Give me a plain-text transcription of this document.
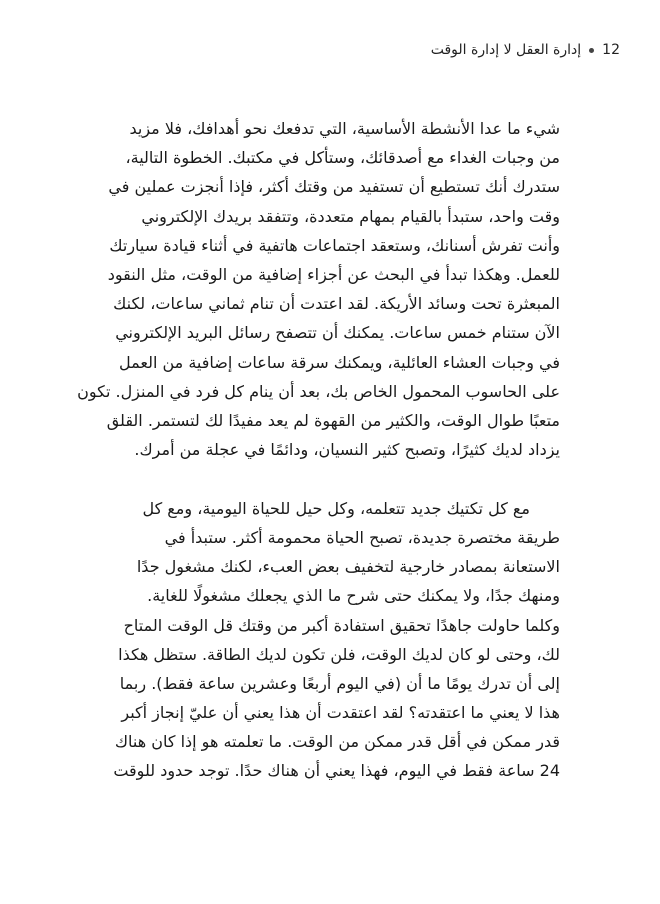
12
إدارة العقل لا إدارة الوقت

شيء ما عدا الأنشطة الأساسية، التي تدفعك نحو أهدافك، فلا مزيد
من وجبات الغداء مع أصدقائك، وستأكل في مكتبك. الخطوة التالية،
ستدرك أنك تستطيع أن تستفيد من وقتك أكثر، فإذا أنجزت عملين في
وقت واحد، ستبدأ بالقيام بمهام متعددة، وتتفقد بريدك الإلكتروني
وأنت تفرش أسنانك، وستعقد اجتماعات هاتفية في أثناء قيادة سيارتك
للعمل. وهكذا تبدأ في البحث عن أجزاء إضافية من الوقت، مثل النقود
المبعثرة تحت وسائد الأريكة. لقد اعتدت أن تنام ثماني ساعات، لكنك
الآن ستنام خمس ساعات. يمكنك أن تتصفح رسائل البريد الإلكتروني
في وجبات العشاء العائلية، ويمكنك سرقة ساعات إضافية من العمل
على الحاسوب المحمول الخاص بك، بعد أن ينام كل فرد في المنزل. تكون
متعبًا طوال الوقت، والكثير من القهوة لم يعد مفيدًا لك لتستمر. القلق
يزداد لديك كثيرًا، وتصبح كثير النسيان، ودائمًا في عجلة من أمرك.

مع كل تكتيك جديد تتعلمه، وكل حيل للحياة اليومية، ومع كل
طريقة مختصرة جديدة، تصبح الحياة محمومة أكثر. ستبدأ في
الاستعانة بمصادر خارجية لتخفيف بعض العبء، لكنك مشغول جدًا
ومنهك جدًا، ولا يمكنك حتى شرح ما الذي يجعلك مشغولًا للغاية.
وكلما حاولت جاهدًا تحقيق استفادة أكبر من وقتك قل الوقت المتاح
لك، وحتى لو كان لديك الوقت، فلن تكون لديك الطاقة. ستظل هكذا
إلى أن تدرك يومًا ما أن (في اليوم أربعًا وعشرين ساعة فقط). ربما
هذا لا يعني ما اعتقدته؟ لقد اعتقدت أن هذا يعني أن عليّ إنجاز أكبر
قدر ممكن في أقل قدر ممكن من الوقت. ما تعلمته هو إذا كان هناك
24 ساعة فقط في اليوم، فهذا يعني أن هناك حدًا. توجد حدود للوقت
